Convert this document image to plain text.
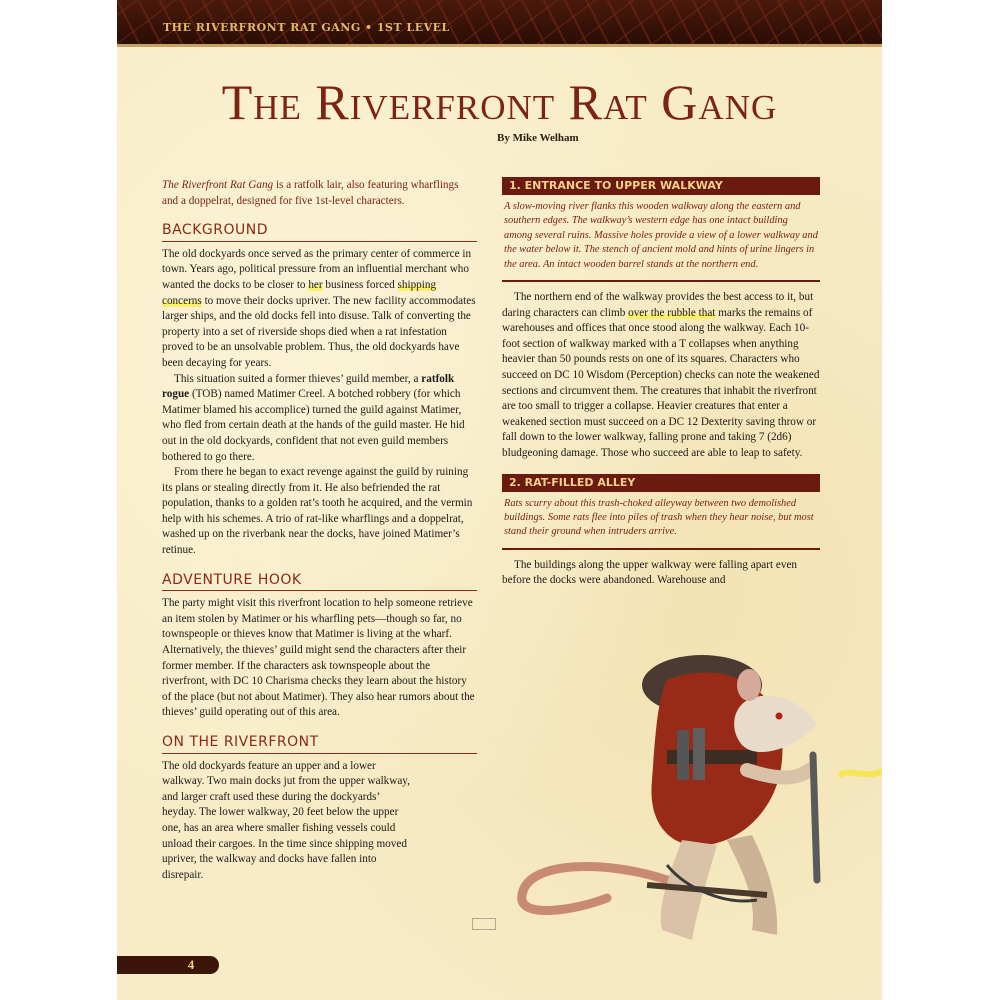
THE RIVERFRONT RAT GANG • 1ST LEVEL
The Riverfront Rat Gang
By Mike Welham

The Riverfront Rat Gang is a ratfolk lair, also featuring wharflings and a doppelrat, designed for five 1st-level characters.

BACKGROUND

The old dockyards once served as the primary center of commerce in town. Years ago, political pressure from an influential merchant who wanted the docks to be closer to her business forced shipping concerns to move their docks upriver. The new facility accommodates larger ships, and the old docks fell into disuse. Talk of converting the property into a set of riverside shops died when a rat infestation proved to be an unsolvable problem. Thus, the old dockyards have been decaying for years.

This situation suited a former thieves’ guild member, a ratfolk rogue (TOB) named Matimer Creel. A botched robbery (for which Matimer blamed his accomplice) turned the guild against Matimer, who fled from certain death at the hands of the guild master. He hid out in the old dockyards, confident that not even guild members bothered to go there.

From there he began to exact revenge against the guild by ruining its plans or stealing directly from it. He also befriended the rat population, thanks to a golden rat’s tooth he acquired, and the vermin help with his schemes. A trio of rat-like wharflings and a doppelrat, washed up on the riverbank near the docks, have joined Matimer’s retinue.

ADVENTURE HOOK

The party might visit this riverfront location to help someone retrieve an item stolen by Matimer or his wharfling pets—though so far, no townspeople or thieves know that Matimer is living at the wharf. Alternatively, the thieves’ guild might send the characters after their former member. If the characters ask townspeople about the riverfront, with DC 10 Charisma checks they learn about the history of the place (but not about Matimer). They also hear rumors about the thieves’ guild operating out of this area.

ON THE RIVERFRONT

The old dockyards feature an upper and a lower walkway. Two main docks jut from the upper walkway, and larger craft used these during the dockyards’ heyday. The lower walkway, 20 feet below the upper one, has an area where smaller fishing vessels could unload their cargoes. In the time since shipping moved upriver, the walkway and docks have fallen into disrepair.

1. ENTRANCE TO UPPER WALKWAY
A slow-moving river flanks this wooden walkway along the eastern and southern edges. The walkway’s western edge has one intact building among several ruins. Massive holes provide a view of a lower walkway and the water below it. The stench of ancient mold and hints of urine lingers in the area. An intact wooden barrel stands at the northern end.

The northern end of the walkway provides the best access to it, but daring characters can climb over the rubble that marks the remains of warehouses and offices that once stood along the walkway. Each 10-foot section of walkway marked with a T collapses when anything heavier than 50 pounds rests on one of its squares. Characters who succeed on DC 10 Wisdom (Perception) checks can note the weakened sections and circumvent them. The creatures that inhabit the riverfront are too small to trigger a collapse. Heavier creatures that enter a weakened section must succeed on a DC 12 Dexterity saving throw or fall down to the lower walkway, falling prone and taking 7 (2d6) bludgeoning damage. Those who succeed are able to leap to safety.

2. RAT-FILLED ALLEY
Rats scurry about this trash-choked alleyway between two demolished buildings. Some rats flee into piles of trash when they hear noise, but most stand their ground when intruders arrive.

The buildings along the upper walkway were falling apart even before the docks were abandoned. Warehouse and

4
